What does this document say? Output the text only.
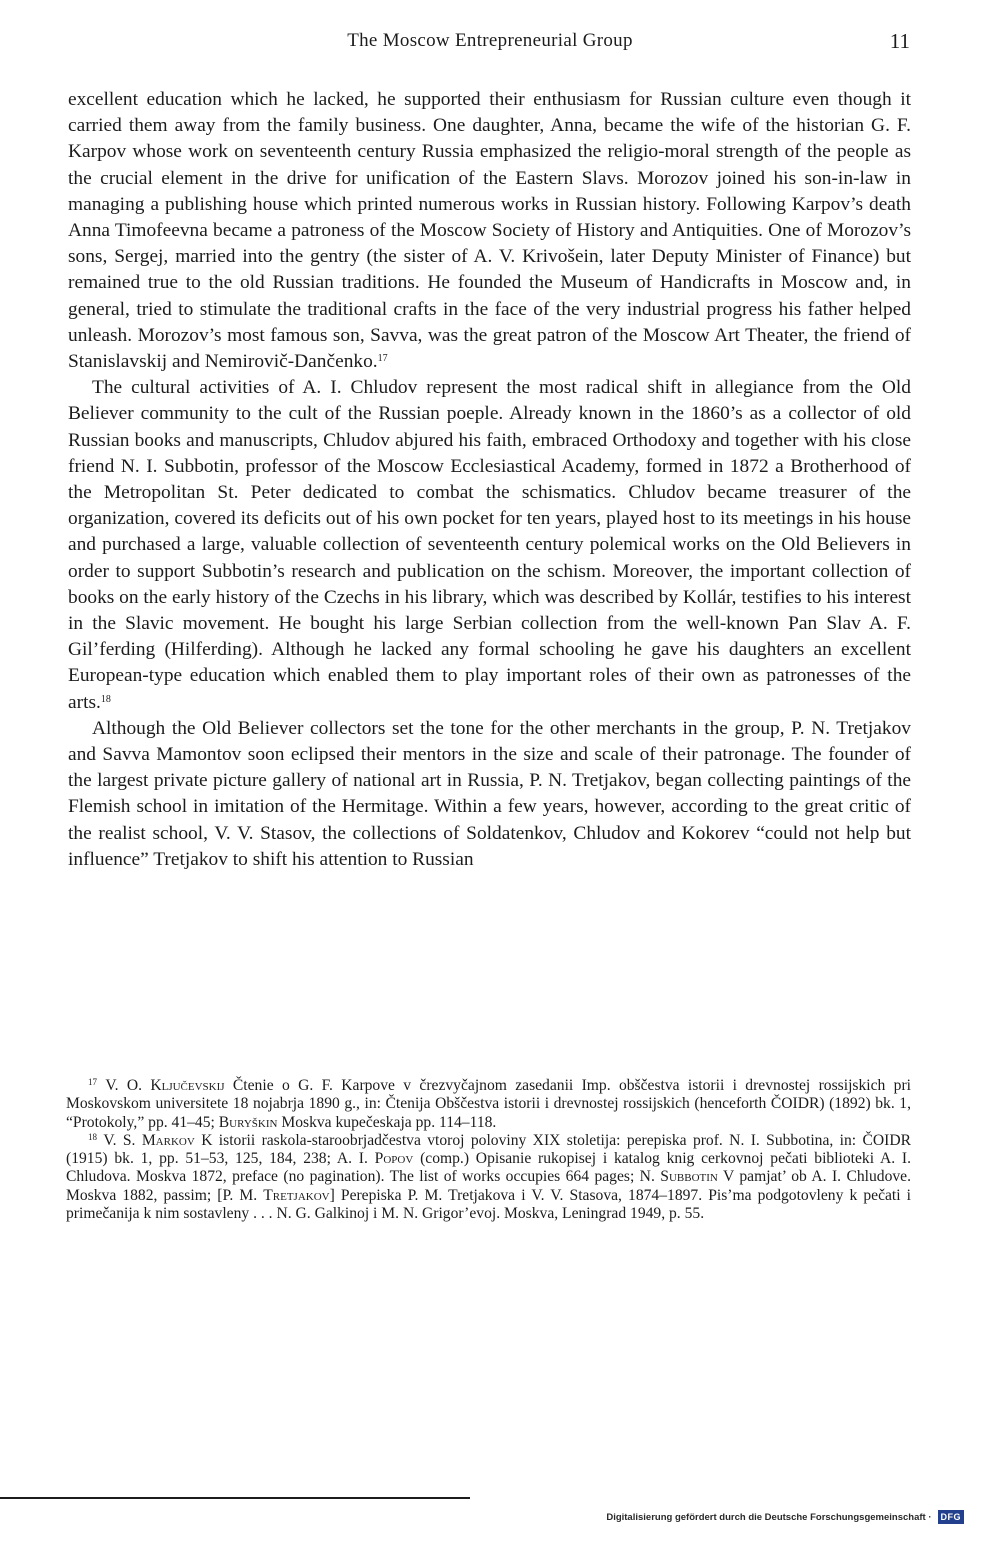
The Moscow Entrepreneurial Group	11

excellent education which he lacked, he supported their enthusiasm for Russian culture even though it carried them away from the family business. One daughter, Anna, became the wife of the historian G. F. Karpov whose work on seventeenth century Russia emphasized the religio-moral strength of the people as the crucial element in the drive for unification of the Eastern Slavs. Morozov joined his son-in-law in managing a publishing house which printed numerous works in Russian history. Following Karpov’s death Anna Timofeevna became a patroness of the Moscow Society of History and Antiquities. One of Morozov’s sons, Sergej, married into the gentry (the sister of A. V. Krivošein, later Deputy Minister of Finance) but remained true to the old Russian traditions. He founded the Museum of Handicrafts in Moscow and, in general, tried to stimulate the traditional crafts in the face of the very industrial progress his father helped unleash. Morozov’s most famous son, Savva, was the great patron of the Moscow Art Theater, the friend of Stanislavskij and Nemirovič-Dančenko.$^{17}$

The cultural activities of A. I. Chludov represent the most radical shift in allegiance from the Old Believer community to the cult of the Russian poeple. Already known in the 1860’s as a collector of old Russian books and manuscripts, Chludov abjured his faith, embraced Orthodoxy and together with his close friend N. I. Subbotin, professor of the Moscow Ecclesiastical Academy, formed in 1872 a Brotherhood of the Metropolitan St. Peter dedicated to combat the schismatics. Chludov became treasurer of the organization, covered its deficits out of his own pocket for ten years, played host to its meetings in his house and purchased a large, valuable collection of seventeenth century polemical works on the Old Believers in order to support Subbotin’s research and publication on the schism. Moreover, the important collection of books on the early history of the Czechs in his library, which was described by Kollár, testifies to his interest in the Slavic movement. He bought his large Serbian collection from the well-known Pan Slav A. F. Gil’ferding (Hilferding). Although he lacked any formal schooling he gave his daughters an excellent European-type education which enabled them to play important roles of their own as patronesses of the arts.$^{18}$

Although the Old Believer collectors set the tone for the other merchants in the group, P. N. Tretjakov and Savva Mamontov soon eclipsed their mentors in the size and scale of their patronage. The founder of the largest private picture gallery of national art in Russia, P. N. Tretjakov, began collecting paintings of the Flemish school in imitation of the Hermitage. Within a few years, however, according to the great critic of the realist school, V. V. Stasov, the collections of Soldatenkov, Chludov and Kokorev “could not help but influence” Tretjakov to shift his attention to Russian

$^{17}$ V. O. Ključevskij Čtenie o G. F. Karpove v črezvyčajnom zasedanii Imp. obščestva istorii i drevnostej rossijskich pri Moskovskom universitete 18 nojabrja 1890 g., in: Čtenija Obščestva istorii i drevnostej rossijskich (henceforth ČOIDR) (1892) bk. 1, “Protokoly,” pp. 41–45; Buryškin Moskva kupečeskaja pp. 114–118.

$^{18}$ V. S. Markov K istorii raskola-staroobrjadčestva vtoroj poloviny XIX stoletija: perepiska prof. N. I. Subbotina, in: ČOIDR (1915) bk. 1, pp. 51–53, 125, 184, 238; A. I. Popov (comp.) Opisanie rukopisej i katalog knig cerkovnoj pečati biblioteki A. I. Chludova. Moskva 1872, preface (no pagination). The list of works occupies 664 pages; N. Subbotin V pamjat’ ob A. I. Chludove. Moskva 1882, passim; [P. M. Tretjakov] Perepiska P. M. Tretjakova i V. V. Stasova, 1874–1897. Pis’ma podgotovleny k pečati i primečanija k nim sostavleny . . . N. G. Galkinoj i M. N. Grigor’evoj. Moskva, Leningrad 1949, p. 55.

Digitalisierung gefördert durch die Deutsche Forschungsgemeinschaft ·	DFG
